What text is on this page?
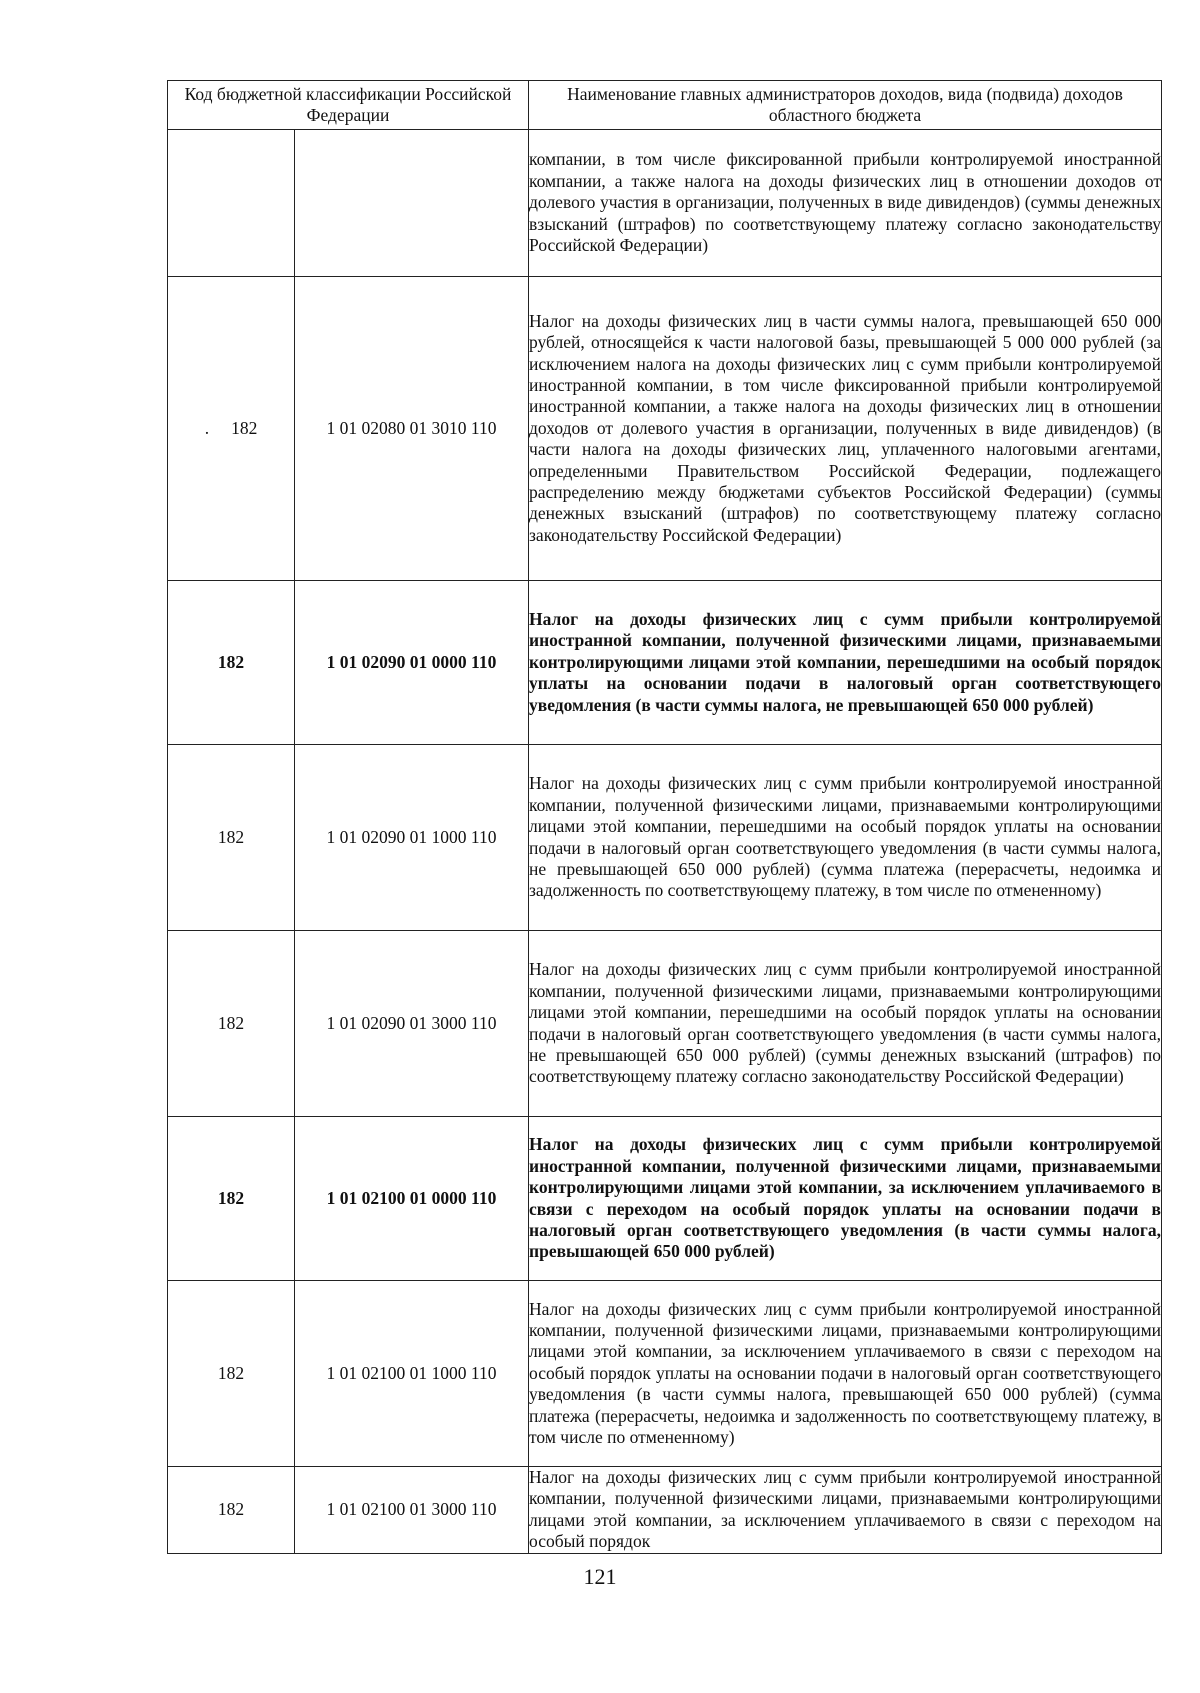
Код бюджетной классификации Российской Федерации		Наименование главных администраторов доходов, вида (подвида) доходов областного бюджета
		компании, в том числе фиксированной прибыли контролируемой иностранной компании, а также налога на доходы физических лиц в отношении доходов от долевого участия в организации, полученных в виде дивидендов) (суммы денежных взысканий (штрафов) по соответствующему платежу согласно законодательству Российской Федерации)
. 182	1 01 02080 01 3010 110	Налог на доходы физических лиц в части суммы налога, превышающей 650 000 рублей, относящейся к части налоговой базы, превышающей 5 000 000 рублей (за исключением налога на доходы физических лиц с сумм прибыли контролируемой иностранной компании, в том числе фиксированной прибыли контролируемой иностранной компании, а также налога на доходы физических лиц в отношении доходов от долевого участия в организации, полученных в виде дивидендов) (в части налога на доходы физических лиц, уплаченного налоговыми агентами, определенными Правительством Российской Федерации, подлежащего распределению между бюджетами субъектов Российской Федерации) (суммы денежных взысканий (штрафов) по соответствующему платежу согласно законодательству Российской Федерации)
182	1 01 02090 01 0000 110	Налог на доходы физических лиц с сумм прибыли контролируемой иностранной компании, полученной физическими лицами, признаваемыми контролирующими лицами этой компании, перешедшими на особый порядок уплаты на основании подачи в налоговый орган соответствующего уведомления (в части суммы налога, не превышающей 650 000 рублей)
182	1 01 02090 01 1000 110	Налог на доходы физических лиц с сумм прибыли контролируемой иностранной компании, полученной физическими лицами, признаваемыми контролирующими лицами этой компании, перешедшими на особый порядок уплаты на основании подачи в налоговый орган соответствующего уведомления (в части суммы налога, не превышающей 650 000 рублей) (сумма платежа (перерасчеты, недоимка и задолженность по соответствующему платежу, в том числе по отмененному)
182	1 01 02090 01 3000 110	Налог на доходы физических лиц с сумм прибыли контролируемой иностранной компании, полученной физическими лицами, признаваемыми контролирующими лицами этой компании, перешедшими на особый порядок уплаты на основании подачи в налоговый орган соответствующего уведомления (в части суммы налога, не превышающей 650 000 рублей) (суммы денежных взысканий (штрафов) по соответствующему платежу согласно законодательству Российской Федерации)
182	1 01 02100 01 0000 110	Налог на доходы физических лиц с сумм прибыли контролируемой иностранной компании, полученной физическими лицами, признаваемыми контролирующими лицами этой компании, за исключением уплачиваемого в связи с переходом на особый порядок уплаты на основании подачи в налоговый орган соответствующего уведомления (в части суммы налога, превышающей 650 000 рублей)
182	1 01 02100 01 1000 110	Налог на доходы физических лиц с сумм прибыли контролируемой иностранной компании, полученной физическими лицами, признаваемыми контролирующими лицами этой компании, за исключением уплачиваемого в связи с переходом на особый порядок уплаты на основании подачи в налоговый орган соответствующего уведомления (в части суммы налога, превышающей 650 000 рублей) (сумма платежа (перерасчеты, недоимка и задолженность по соответствующему платежу, в том числе по отмененному)
182	1 01 02100 01 3000 110	Налог на доходы физических лиц с сумм прибыли контролируемой иностранной компании, полученной физическими лицами, признаваемыми контролирующими лицами этой компании, за исключением уплачиваемого в связи с переходом на особый порядок
121
